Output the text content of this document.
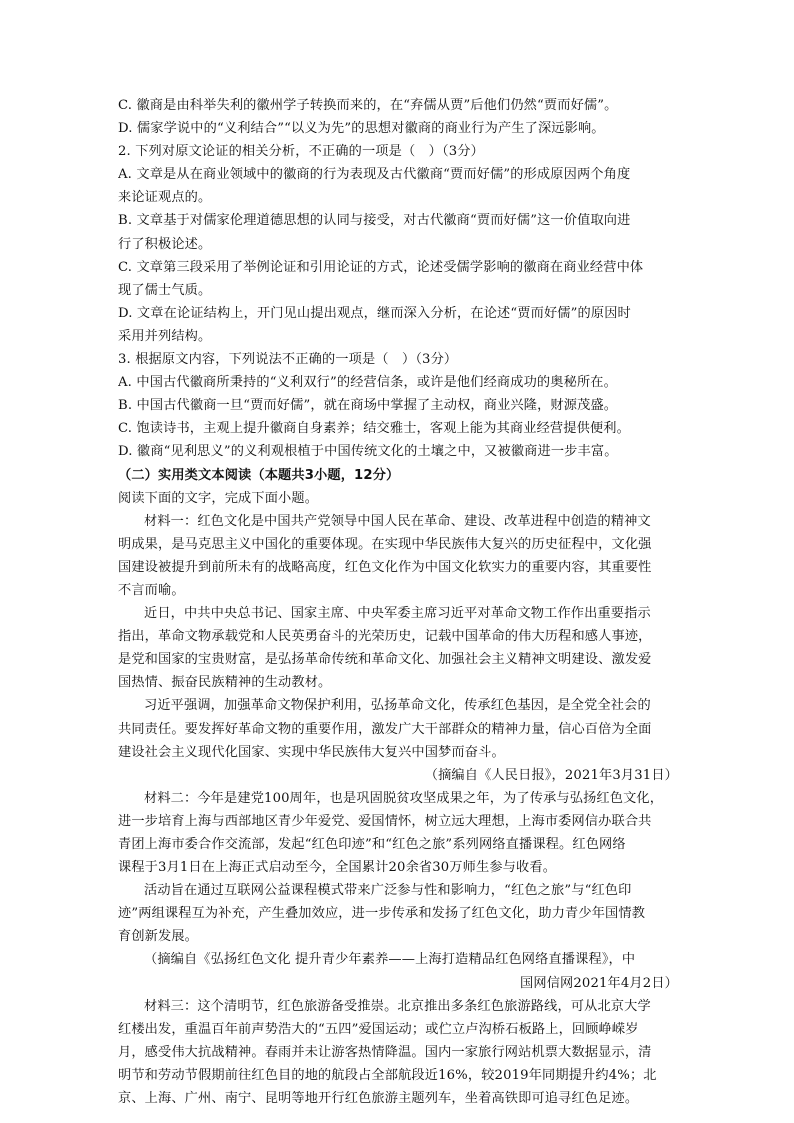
C. 徽商是由科举失利的徽州学子转换而来的，在“弃儒从贾”后他们仍然“贾而好儒”。
D. 儒家学说中的“义利结合”“以义为先”的思想对徽商的商业行为产生了深远影响。
2. 下列对原文论证的相关分析，不正确的一项是（　）（3分）
A. 文章是从在商业领域中的徽商的行为表现及古代徽商“贾而好儒”的形成原因两个角度
来论证观点的。
B. 文章基于对儒家伦理道德思想的认同与接受，对古代徽商“贾而好儒”这一价值取向进
行了积极论述。
C. 文章第三段采用了举例论证和引用论证的方式，论述受儒学影响的徽商在商业经营中体
现了儒士气质。
D. 文章在论证结构上，开门见山提出观点，继而深入分析，在论述“贾而好儒”的原因时
采用并列结构。
3. 根据原文内容，下列说法不正确的一项是（　）（3分）
A. 中国古代徽商所秉持的“义利双行”的经营信条，或许是他们经商成功的奥秘所在。
B. 中国古代徽商一旦“贾而好儒”，就在商场中掌握了主动权，商业兴隆，财源茂盛。
C. 饱读诗书，主观上提升徽商自身素养；结交雅士，客观上能为其商业经营提供便利。
D. 徽商“见利思义”的义利观根植于中国传统文化的土壤之中，又被徽商进一步丰富。
（二）实用类文本阅读（本题共3小题，12分）
阅读下面的文字，完成下面小题。
材料一：红色文化是中国共产党领导中国人民在革命、建设、改革进程中创造的精神文
明成果，是马克思主义中国化的重要体现。在实现中华民族伟大复兴的历史征程中，文化强
国建设被提升到前所未有的战略高度，红色文化作为中国文化软实力的重要内容，其重要性
不言而喻。
近日，中共中央总书记、国家主席、中央军委主席习近平对革命文物工作作出重要指示
指出，革命文物承载党和人民英勇奋斗的光荣历史，记载中国革命的伟大历程和感人事迹，
是党和国家的宝贵财富，是弘扬革命传统和革命文化、加强社会主义精神文明建设、激发爱
国热情、振奋民族精神的生动教材。
习近平强调，加强革命文物保护利用，弘扬革命文化，传承红色基因，是全党全社会的
共同责任。要发挥好革命文物的重要作用，激发广大干部群众的精神力量，信心百倍为全面
建设社会主义现代化国家、实现中华民族伟大复兴中国梦而奋斗。
（摘编自《人民日报》，2021年3月31日）
材料二：今年是建党100周年，也是巩固脱贫攻坚成果之年，为了传承与弘扬红色文化，
进一步培育上海与西部地区青少年爱党、爱国情怀，树立远大理想，上海市委网信办联合共
青团上海市委合作交流部，发起“红色印迹”和“红色之旅”系列网络直播课程。红色网络
课程于3月1日在上海正式启动至今，全国累计20余省30万师生参与收看。
活动旨在通过互联网公益课程模式带来广泛参与性和影响力，“红色之旅”与“红色印
迹”两组课程互为补充，产生叠加效应，进一步传承和发扬了红色文化，助力青少年国情教
育创新发展。
（摘编自《弘扬红色文化 提升青少年素养——上海打造精品红色网络直播课程》，中
国网信网2021年4月2日）
材料三：这个清明节，红色旅游备受推崇。北京推出多条红色旅游路线，可从北京大学
红楼出发，重温百年前声势浩大的“五四”爱国运动；或伫立卢沟桥石板路上，回顾峥嵘岁
月，感受伟大抗战精神。春雨并未让游客热情降温。国内一家旅行网站机票大数据显示，清
明节和劳动节假期前往红色目的地的航段占全部航段近16%，较2019年同期提升约4%；北
京、上海、广州、南宁、昆明等地开行红色旅游主题列车，坐着高铁即可追寻红色足迹。
